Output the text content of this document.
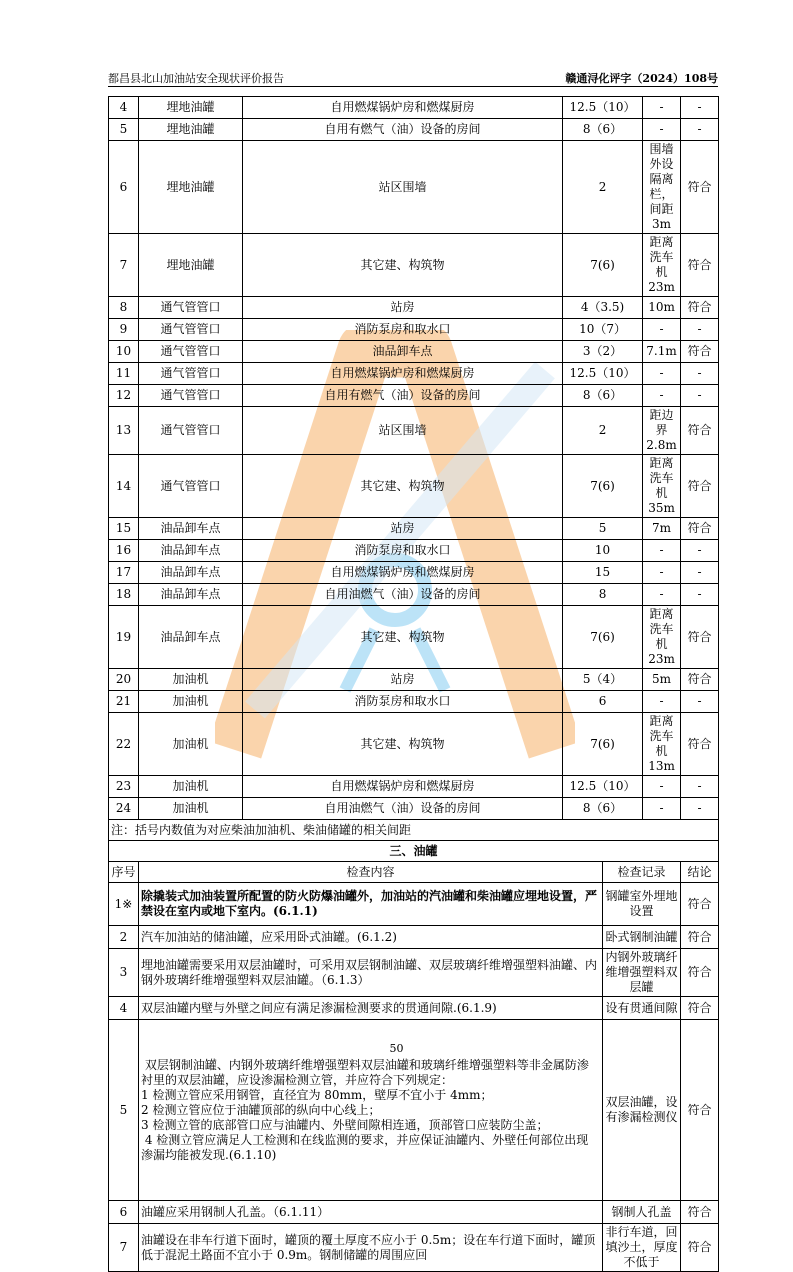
都昌县北山加油站安全现状评价报告	赣通浔化评字（2024）108号
4	埋地油罐	自用燃煤锅炉房和燃煤厨房	12.5（10）		-	-
5	埋地油罐	自用有燃气（油）设备的房间	8（6）		-	-
6	埋地油罐	站区围墙	2		围墙外设隔离栏，间距 3m	符合
7	埋地油罐	其它建、构筑物	7(6)		距离洗车机 23m	符合
8	通气管管口	站房	4（3.5)		10m	符合
9	通气管管口	消防泵房和取水口	10（7）		-	-
10	通气管管口	油品卸车点	3（2）		7.1m	符合
11	通气管管口	自用燃煤锅炉房和燃煤厨房	12.5（10）		-	-
12	通气管管口	自用有燃气（油）设备的房间	8（6）		-	-
13	通气管管口	站区围墙	2		距边界 2.8m	符合
14	通气管管口	其它建、构筑物	7(6)		距离洗车机 35m	符合
15	油品卸车点	站房	5		7m	符合
16	油品卸车点	消防泵房和取水口	10		-	-
17	油品卸车点	自用燃煤锅炉房和燃煤厨房	15		-	-
18	油品卸车点	自用油燃气（油）设备的房间	8		-	-
19	油品卸车点	其它建、构筑物	7(6)		距离洗车机 23m	符合
20	加油机	站房	5（4）		5m	符合
21	加油机	消防泵房和取水口	6		-	-
22	加油机	其它建、构筑物	7(6)		距离洗车机 13m	符合
23	加油机	自用燃煤锅炉房和燃煤厨房	12.5（10）		-	-
24	加油机	自用油燃气（油）设备的房间	8（6）		-	-
注：括号内数值为对应柴油加油机、柴油储罐的相关间距						
三、油罐						
序号	检查内容			检查记录		结论
1※	除撬装式加油装置所配置的防火防爆油罐外，加油站的汽油罐和柴油罐应埋地设置，严禁设在室内或地下室内。(6.1.1)			钢罐室外埋地设置		符合
2	汽车加油站的储油罐，应采用卧式油罐。(6.1.2)			卧式钢制油罐		符合
3	埋地油罐需要采用双层油罐时，可采用双层钢制油罐、双层玻璃纤维增强塑料油罐、内钢外玻璃纤维增强塑料双层油罐。（6.1.3）			内钢外玻璃纤维增强塑料双层罐		符合
4	双层油罐内壁与外壁之间应有满足渗漏检测要求的贯通间隙.(6.1.9)			设有贯通间隙		符合
5	双层钢制油罐、内钢外玻璃纤维增强塑料双层油罐和玻璃纤维增强塑料等非金属防渗衬里的双层油罐，应设渗漏检测立管，并应符合下列规定：
1 检测立管应采用钢管，直径宜为 80mm，壁厚不宜小于 4mm；
2 检测立管应位于油罐顶部的纵向中心线上；
3 检测立管的底部管口应与油罐内、外壁间隙相连通，顶部管口应装防尘盖；
4 检测立管应满足人工检测和在线监测的要求，并应保证油罐内、外壁任何部位出现渗漏均能被发现.(6.1.10)			双层油罐，设有渗漏检测仪		符合
6	油罐应采用钢制人孔盖。（6.1.11）			钢制人孔盖		符合
7	油罐设在非车行道下面时，罐顶的覆土厚度不应小于 0.5m；设在车行道下面时，罐顶低于混泥土路面不宜小于 0.9m。钢制储罐的周围应回			非行车道，回填沙土，厚度不低于		符合
50
